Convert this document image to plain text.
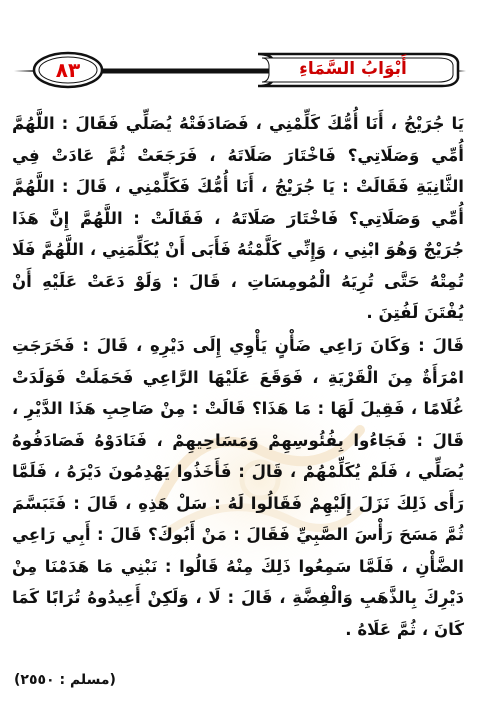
٨٣	أَبْوَابُ السَّمَاءِ

يَا جُرَيْجُ ، أَنَا أُمُّكَ كَلِّمْنِي ، فَصَادَفَتْهُ يُصَلِّي فَقَالَ : اللَّهُمَّ أُمِّي وَصَلَاتِي؟ فَاخْتَارَ صَلَاتَهُ ، فَرَجَعَتْ ثُمَّ عَادَتْ فِي الثَّانِيَةِ فَقَالَتْ : يَا جُرَيْجُ ، أَنَا أُمُّكَ فَكَلِّمْنِي ، قَالَ : اللَّهُمَّ أُمِّي وَصَلَاتِي؟ فَاخْتَارَ صَلَاتَهُ ، فَقَالَتْ : اللَّهُمَّ إِنَّ هَذَا جُرَيْجٌ وَهُوَ ابْنِي ، وَإِنِّي كَلَّمْتُهُ فَأَبَى أَنْ يُكَلِّمَنِي ، اللَّهُمَّ فَلَا تُمِتْهُ حَتَّى تُرِيَهُ الْمُومِسَاتِ ، قَالَ : وَلَوْ دَعَتْ عَلَيْهِ أَنْ يُفْتَنَ لَفُتِنَ .

قَالَ : وَكَانَ رَاعِي ضَأْنٍ يَأْوِي إِلَى دَيْرِهِ ، قَالَ : فَخَرَجَتِ امْرَأَةٌ مِنَ الْقَرْيَةِ ، فَوَقَعَ عَلَيْهَا الرَّاعِي فَحَمَلَتْ فَوَلَدَتْ غُلَامًا ، فَقِيلَ لَهَا : مَا هَذَا؟ قَالَتْ : مِنْ صَاحِبِ هَذَا الدَّيْرِ ، قَالَ : فَجَاءُوا بِفُئُوسِهِمْ وَمَسَاحِيهِمْ ، فَنَادَوْهُ فَصَادَفُوهُ يُصَلِّي ، فَلَمْ يُكَلِّمْهُمْ ، قَالَ : فَأَخَذُوا يَهْدِمُونَ دَيْرَهُ ، فَلَمَّا رَأَى ذَلِكَ نَزَلَ إِلَيْهِمْ فَقَالُوا لَهُ : سَلْ هَذِهِ ، قَالَ : فَتَبَسَّمَ ثُمَّ مَسَحَ رَأْسَ الصَّبِيِّ فَقَالَ : مَنْ أَبُوكَ؟ قَالَ : أَبِي رَاعِي الضَّأْنِ ، فَلَمَّا سَمِعُوا ذَلِكَ مِنْهُ قَالُوا : نَبْنِي مَا هَدَمْنَا مِنْ دَيْرِكَ بِالذَّهَبِ وَالْفِضَّةِ ، قَالَ : لَا ، وَلَكِنْ أَعِيدُوهُ تُرَابًا كَمَا كَانَ ، ثُمَّ عَلَاهُ .

(مسلم : ٢٥٥٠)
